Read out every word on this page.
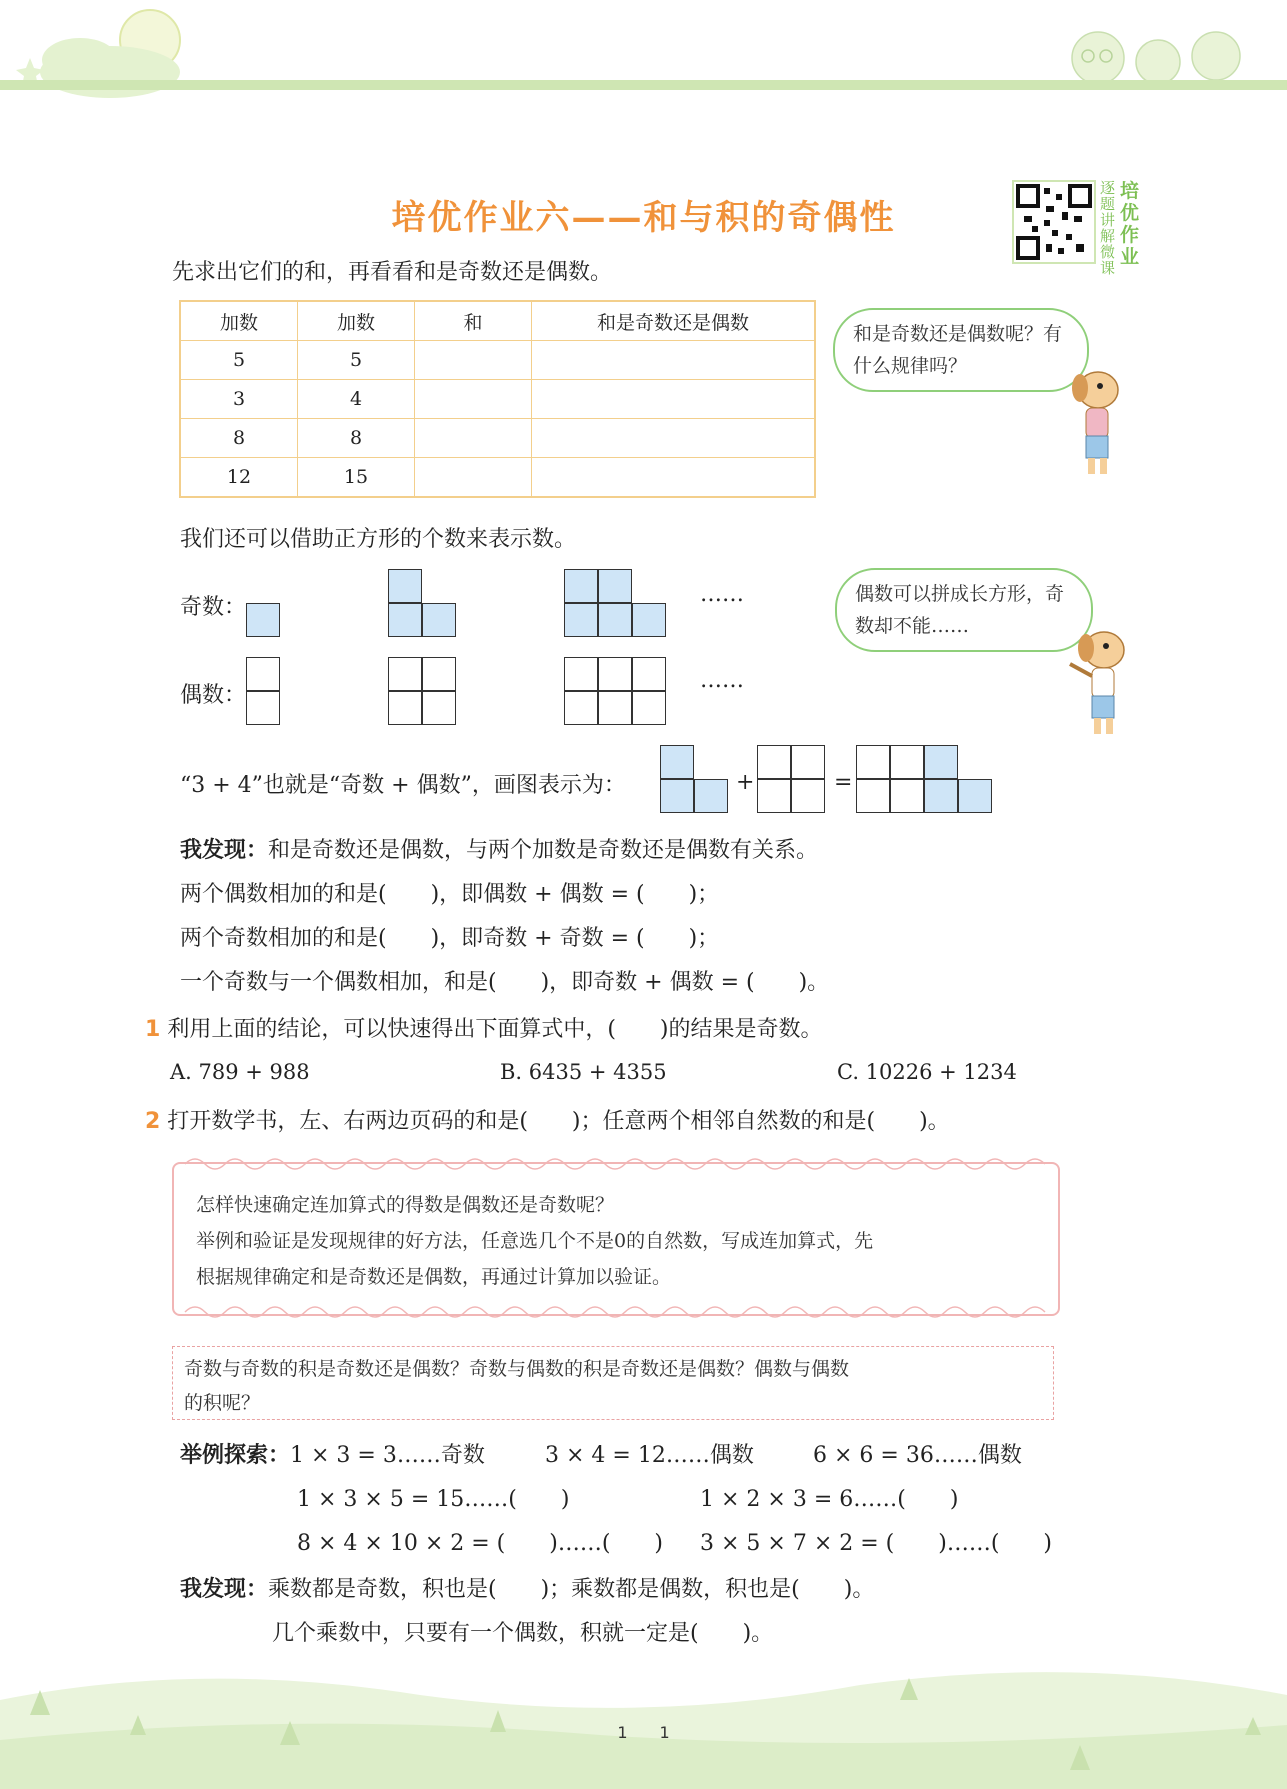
培优作业六——和与积的奇偶性
逐题讲解微课
培优作业
先求出它们的和，再看看和是奇数还是偶数。
加数	加数	和	和是奇数还是偶数
5	5		
3	4		
8	8		
12	15		
和是奇数还是偶数呢？有什么规律吗？
我们还可以借助正方形的个数来表示数。
奇数：
偶数：
……
……
偶数可以拼成长方形，奇数却不能……
“3 + 4”也就是“奇数 + 偶数”，画图表示为：	+	=
我发现：和是奇数还是偶数，与两个加数是奇数还是偶数有关系。
两个偶数相加的和是(　　)，即偶数 + 偶数 = (　　)；
两个奇数相加的和是(　　)，即奇数 + 奇数 = (　　)；
一个奇数与一个偶数相加，和是(　　)，即奇数 + 偶数 = (　　)。
1 利用上面的结论，可以快速得出下面算式中，(　　)的结果是奇数。
A. 789 + 988	B. 6435 + 4355	C. 10226 + 1234
2 打开数学书，左、右两边页码的和是(　　)；任意两个相邻自然数的和是(　　)。
怎样快速确定连加算式的得数是偶数还是奇数呢？
举例和验证是发现规律的好方法，任意选几个不是0的自然数，写成连加算式，先
根据规律确定和是奇数还是偶数，再通过计算加以验证。
奇数与奇数的积是奇数还是偶数？奇数与偶数的积是奇数还是偶数？偶数与偶数
的积呢？
举例探索：1 × 3 = 3……奇数	3 × 4 = 12……偶数	6 × 6 = 36……偶数
1 × 3 × 5 = 15……(　　)	1 × 2 × 3 = 6……(　　)
8 × 4 × 10 × 2 = (　　)……(　　) 3 × 5 × 7 × 2 = (　　)……(　　)
我发现：乘数都是奇数，积也是(　　)；乘数都是偶数，积也是(　　)。
几个乘数中，只要有一个偶数，积就一定是(　　)。
1　　1
